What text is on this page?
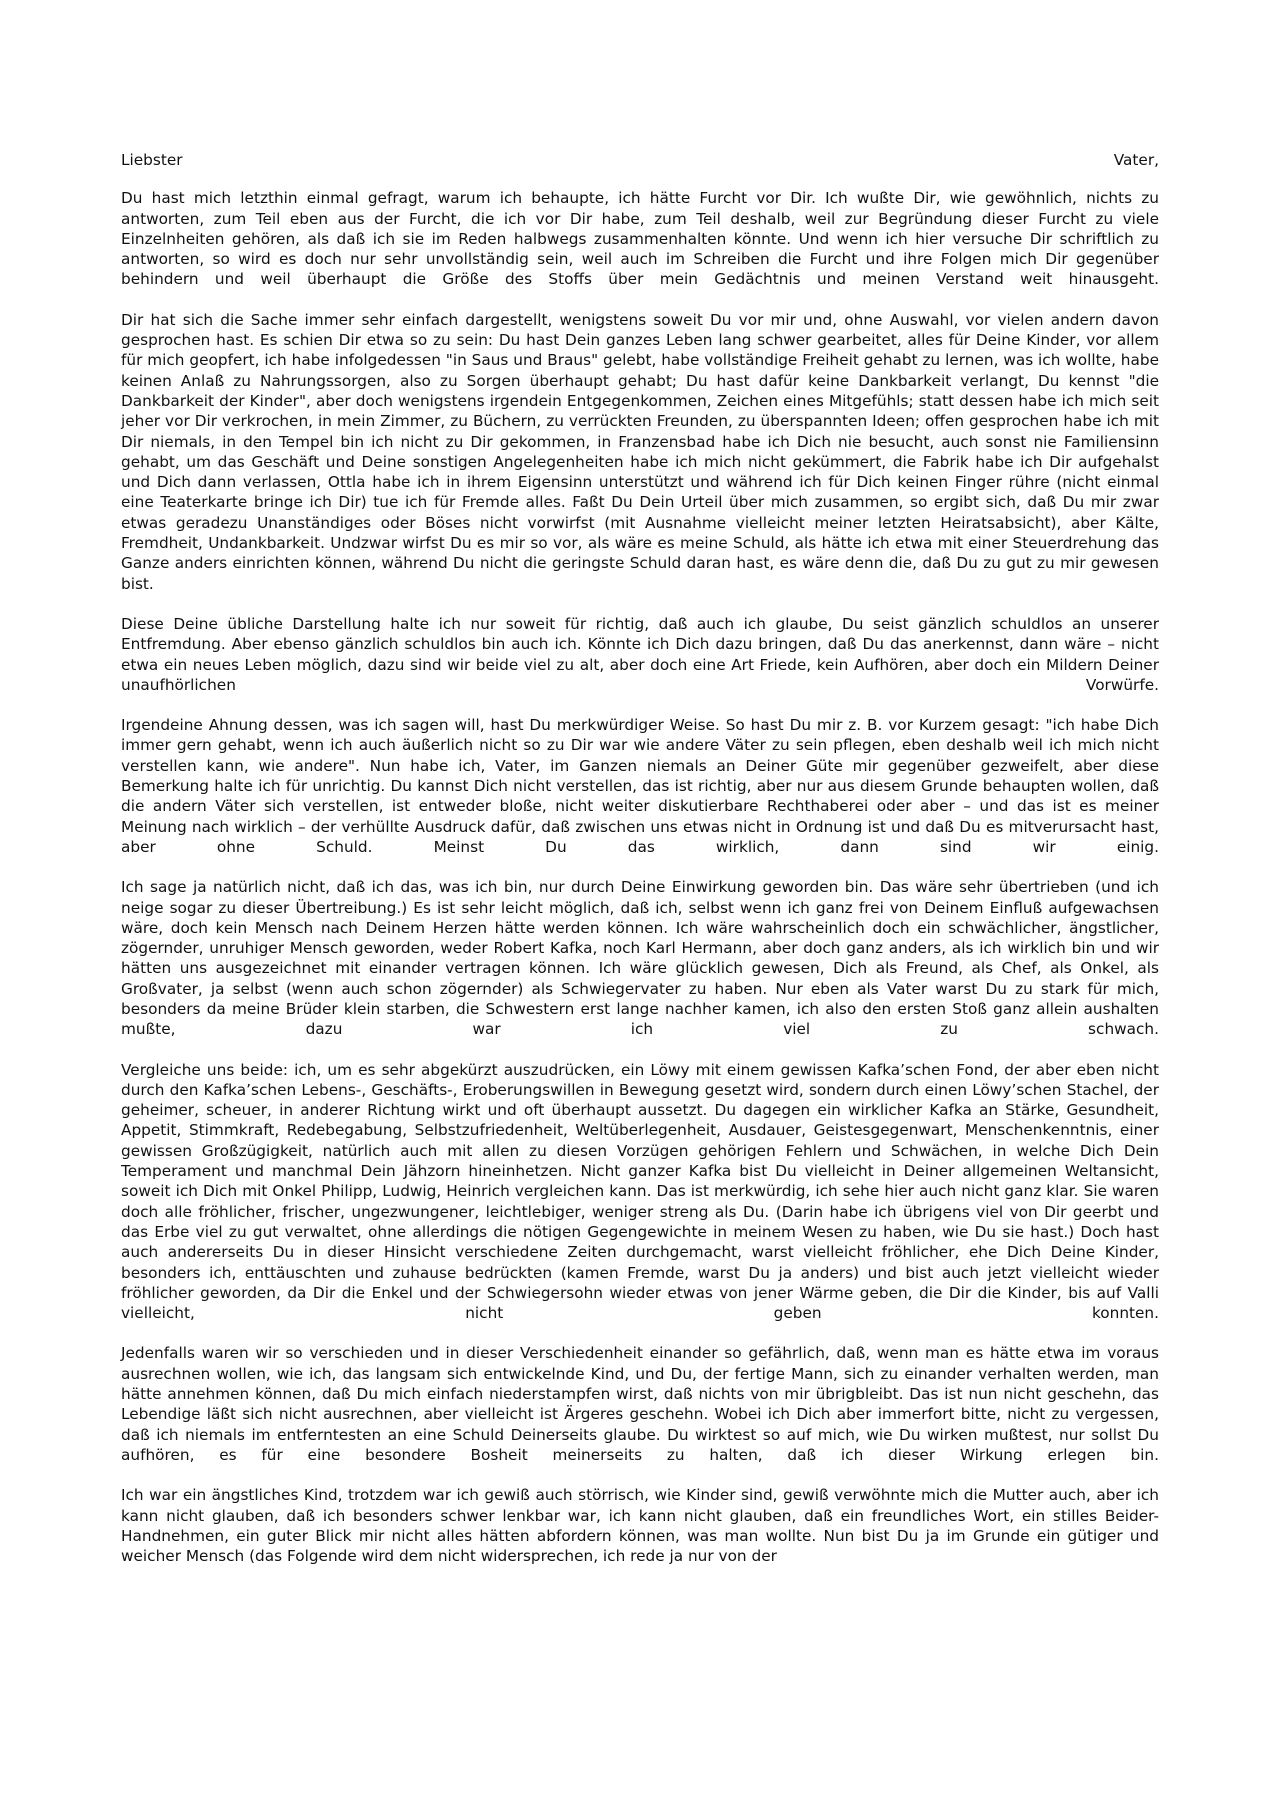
Liebster Vater,

Du hast mich letzthin einmal gefragt, warum ich behaupte, ich hätte Furcht vor Dir. Ich wußte Dir, wie gewöhnlich, nichts zu antworten, zum Teil eben aus der Furcht, die ich vor Dir habe, zum Teil deshalb, weil zur Begründung dieser Furcht zu viele Einzelnheiten gehören, als daß ich sie im Reden halbwegs zusammenhalten könnte. Und wenn ich hier versuche Dir schriftlich zu antworten, so wird es doch nur sehr unvollständig sein, weil auch im Schreiben die Furcht und ihre Folgen mich Dir gegenüber behindern und weil überhaupt die Größe des Stoffs über mein Gedächtnis und meinen Verstand weit hinausgeht.

Dir hat sich die Sache immer sehr einfach dargestellt, wenigstens soweit Du vor mir und, ohne Auswahl, vor vielen andern davon gesprochen hast. Es schien Dir etwa so zu sein: Du hast Dein ganzes Leben lang schwer gearbeitet, alles für Deine Kinder, vor allem für mich geopfert, ich habe infolgedessen "in Saus und Braus" gelebt, habe vollständige Freiheit gehabt zu lernen, was ich wollte, habe keinen Anlaß zu Nahrungssorgen, also zu Sorgen überhaupt gehabt; Du hast dafür keine Dankbarkeit verlangt, Du kennst "die Dankbarkeit der Kinder", aber doch wenigstens irgendein Entgegenkommen, Zeichen eines Mitgefühls; statt dessen habe ich mich seit jeher vor Dir verkrochen, in mein Zimmer, zu Büchern, zu verrückten Freunden, zu überspannten Ideen; offen gesprochen habe ich mit Dir niemals, in den Tempel bin ich nicht zu Dir gekommen, in Franzensbad habe ich Dich nie besucht, auch sonst nie Familiensinn gehabt, um das Geschäft und Deine sonstigen Angelegenheiten habe ich mich nicht gekümmert, die Fabrik habe ich Dir aufgehalst und Dich dann verlassen, Ottla habe ich in ihrem Eigensinn unterstützt und während ich für Dich keinen Finger rühre (nicht einmal eine Teaterkarte bringe ich Dir) tue ich für Fremde alles. Faßt Du Dein Urteil über mich zusammen, so ergibt sich, daß Du mir zwar etwas geradezu Unanständiges oder Böses nicht vorwirfst (mit Ausnahme vielleicht meiner letzten Heiratsabsicht), aber Kälte, Fremdheit, Undankbarkeit. Undzwar wirfst Du es mir so vor, als wäre es meine Schuld, als hätte ich etwa mit einer Steuerdrehung das Ganze anders einrichten können, während Du nicht die geringste Schuld daran hast, es wäre denn die, daß Du zu gut zu mir gewesen bist.

Diese Deine übliche Darstellung halte ich nur soweit für richtig, daß auch ich glaube, Du seist gänzlich schuldlos an unserer Entfremdung. Aber ebenso gänzlich schuldlos bin auch ich. Könnte ich Dich dazu bringen, daß Du das anerkennst, dann wäre – nicht etwa ein neues Leben möglich, dazu sind wir beide viel zu alt, aber doch eine Art Friede, kein Aufhören, aber doch ein Mildern Deiner unaufhörlichen Vorwürfe.

Irgendeine Ahnung dessen, was ich sagen will, hast Du merkwürdiger Weise. So hast Du mir z. B. vor Kurzem gesagt: "ich habe Dich immer gern gehabt, wenn ich auch äußerlich nicht so zu Dir war wie andere Väter zu sein pflegen, eben deshalb weil ich mich nicht verstellen kann, wie andere". Nun habe ich, Vater, im Ganzen niemals an Deiner Güte mir gegenüber gezweifelt, aber diese Bemerkung halte ich für unrichtig. Du kannst Dich nicht verstellen, das ist richtig, aber nur aus diesem Grunde behaupten wollen, daß die andern Väter sich verstellen, ist entweder bloße, nicht weiter diskutierbare Rechthaberei oder aber – und das ist es meiner Meinung nach wirklich – der verhüllte Ausdruck dafür, daß zwischen uns etwas nicht in Ordnung ist und daß Du es mitverursacht hast, aber ohne Schuld. Meinst Du das wirklich, dann sind wir einig.

Ich sage ja natürlich nicht, daß ich das, was ich bin, nur durch Deine Einwirkung geworden bin. Das wäre sehr übertrieben (und ich neige sogar zu dieser Übertreibung.) Es ist sehr leicht möglich, daß ich, selbst wenn ich ganz frei von Deinem Einfluß aufgewachsen wäre, doch kein Mensch nach Deinem Herzen hätte werden können. Ich wäre wahrscheinlich doch ein schwächlicher, ängstlicher, zögernder, unruhiger Mensch geworden, weder Robert Kafka, noch Karl Hermann, aber doch ganz anders, als ich wirklich bin und wir hätten uns ausgezeichnet mit einander vertragen können. Ich wäre glücklich gewesen, Dich als Freund, als Chef, als Onkel, als Großvater, ja selbst (wenn auch schon zögernder) als Schwiegervater zu haben. Nur eben als Vater warst Du zu stark für mich, besonders da meine Brüder klein starben, die Schwestern erst lange nachher kamen, ich also den ersten Stoß ganz allein aushalten mußte, dazu war ich viel zu schwach.

Vergleiche uns beide: ich, um es sehr abgekürzt auszudrücken, ein Löwy mit einem gewissen Kafka’schen Fond, der aber eben nicht durch den Kafka’schen Lebens-, Geschäfts-, Eroberungswillen in Bewegung gesetzt wird, sondern durch einen Löwy’schen Stachel, der geheimer, scheuer, in anderer Richtung wirkt und oft überhaupt aussetzt. Du dagegen ein wirklicher Kafka an Stärke, Gesundheit, Appetit, Stimmkraft, Redebegabung, Selbstzufriedenheit, Weltüberlegenheit, Ausdauer, Geistesgegenwart, Menschenkenntnis, einer gewissen Großzügigkeit, natürlich auch mit allen zu diesen Vorzügen gehörigen Fehlern und Schwächen, in welche Dich Dein Temperament und manchmal Dein Jähzorn hineinhetzen. Nicht ganzer Kafka bist Du vielleicht in Deiner allgemeinen Weltansicht, soweit ich Dich mit Onkel Philipp, Ludwig, Heinrich vergleichen kann. Das ist merkwürdig, ich sehe hier auch nicht ganz klar. Sie waren doch alle fröhlicher, frischer, ungezwungener, leichtlebiger, weniger streng als Du. (Darin habe ich übrigens viel von Dir geerbt und das Erbe viel zu gut verwaltet, ohne allerdings die nötigen Gegengewichte in meinem Wesen zu haben, wie Du sie hast.) Doch hast auch andererseits Du in dieser Hinsicht verschiedene Zeiten durchgemacht, warst vielleicht fröhlicher, ehe Dich Deine Kinder, besonders ich, enttäuschten und zuhause bedrückten (kamen Fremde, warst Du ja anders) und bist auch jetzt vielleicht wieder fröhlicher geworden, da Dir die Enkel und der Schwiegersohn wieder etwas von jener Wärme geben, die Dir die Kinder, bis auf Valli vielleicht, nicht geben konnten.

Jedenfalls waren wir so verschieden und in dieser Verschiedenheit einander so gefährlich, daß, wenn man es hätte etwa im voraus ausrechnen wollen, wie ich, das langsam sich entwickelnde Kind, und Du, der fertige Mann, sich zu einander verhalten werden, man hätte annehmen können, daß Du mich einfach niederstampfen wirst, daß nichts von mir übrigbleibt. Das ist nun nicht geschehn, das Lebendige läßt sich nicht ausrechnen, aber vielleicht ist Ärgeres geschehn. Wobei ich Dich aber immerfort bitte, nicht zu vergessen, daß ich niemals im entferntesten an eine Schuld Deinerseits glaube. Du wirktest so auf mich, wie Du wirken mußtest, nur sollst Du aufhören, es für eine besondere Bosheit meinerseits zu halten, daß ich dieser Wirkung erlegen bin.

Ich war ein ängstliches Kind, trotzdem war ich gewiß auch störrisch, wie Kinder sind, gewiß verwöhnte mich die Mutter auch, aber ich kann nicht glauben, daß ich besonders schwer lenkbar war, ich kann nicht glauben, daß ein freundliches Wort, ein stilles Beider-Handnehmen, ein guter Blick mir nicht alles hätten abfordern können, was man wollte. Nun bist Du ja im Grunde ein gütiger und weicher Mensch (das Folgende wird dem nicht widersprechen, ich rede ja nur von der
